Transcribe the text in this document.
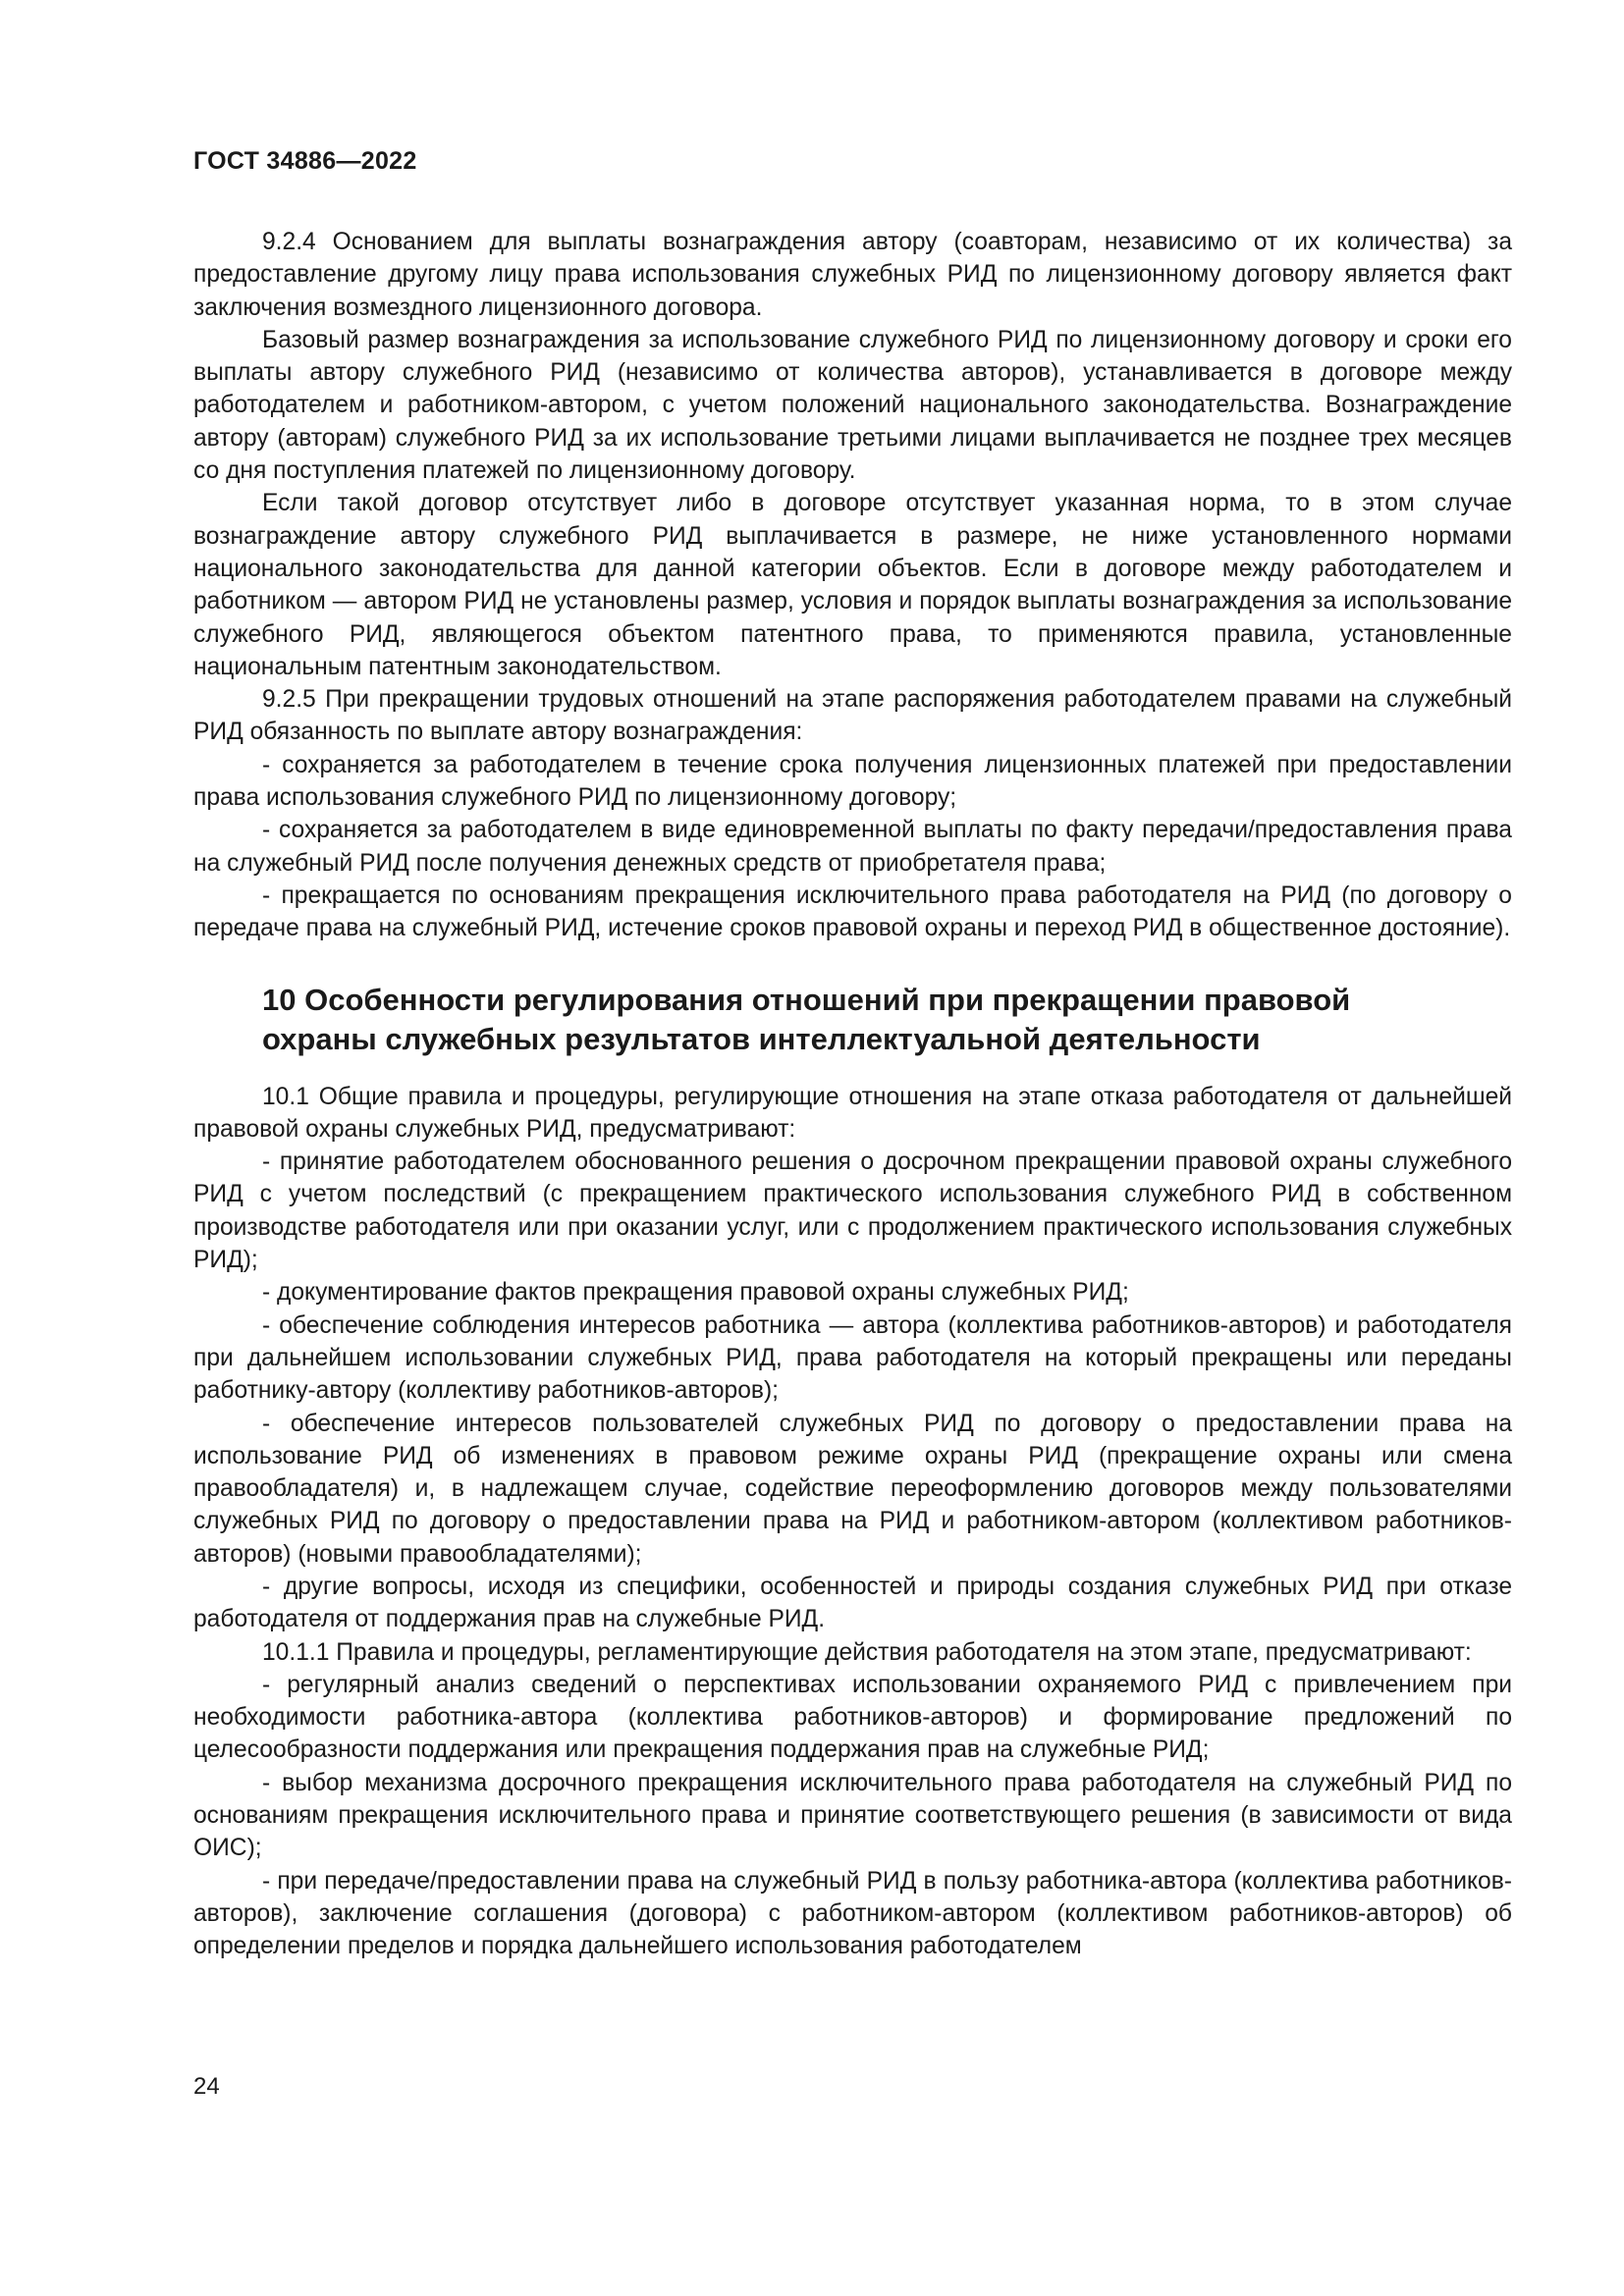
ГОСТ 34886—2022

9.2.4 Основанием для выплаты вознаграждения автору (соавторам, независимо от их количества) за предоставление другому лицу права использования служебных РИД по лицензионному договору является факт заключения возмездного лицензионного договора.

Базовый размер вознаграждения за использование служебного РИД по лицензионному договору и сроки его выплаты автору служебного РИД (независимо от количества авторов), устанавливается в договоре между работодателем и работником-автором, с учетом положений национального законодательства. Вознаграждение автору (авторам) служебного РИД за их использование третьими лицами выплачивается не позднее трех месяцев со дня поступления платежей по лицензионному договору.

Если такой договор отсутствует либо в договоре отсутствует указанная норма, то в этом случае вознаграждение автору служебного РИД выплачивается в размере, не ниже установленного нормами национального законодательства для данной категории объектов. Если в договоре между работодателем и работником — автором РИД не установлены размер, условия и порядок выплаты вознаграждения за использование служебного РИД, являющегося объектом патентного права, то применяются правила, установленные национальным патентным законодательством.

9.2.5 При прекращении трудовых отношений на этапе распоряжения работодателем правами на служебный РИД обязанность по выплате автору вознаграждения:

- сохраняется за работодателем в течение срока получения лицензионных платежей при предоставлении права использования служебного РИД по лицензионному договору;

- сохраняется за работодателем в виде единовременной выплаты по факту передачи/предоставления права на служебный РИД после получения денежных средств от приобретателя права;

- прекращается по основаниям прекращения исключительного права работодателя на РИД (по договору о передаче права на служебный РИД, истечение сроков правовой охраны и переход РИД в общественное достояние).

10 Особенности регулирования отношений при прекращении правовой
охраны служебных результатов интеллектуальной деятельности

10.1 Общие правила и процедуры, регулирующие отношения на этапе отказа работодателя от дальнейшей правовой охраны служебных РИД, предусматривают:

- принятие работодателем обоснованного решения о досрочном прекращении правовой охраны служебного РИД с учетом последствий (с прекращением практического использования служебного РИД в собственном производстве работодателя или при оказании услуг, или с продолжением практического использования служебных РИД);

- документирование фактов прекращения правовой охраны служебных РИД;

- обеспечение соблюдения интересов работника — автора (коллектива работников-авторов) и работодателя при дальнейшем использовании служебных РИД, права работодателя на который прекращены или переданы работнику-автору (коллективу работников-авторов);

- обеспечение интересов пользователей служебных РИД по договору о предоставлении права на использование РИД об изменениях в правовом режиме охраны РИД (прекращение охраны или смена правообладателя) и, в надлежащем случае, содействие переоформлению договоров между пользователями служебных РИД по договору о предоставлении права на РИД и работником-автором (коллективом работников-авторов) (новыми правообладателями);

- другие вопросы, исходя из специфики, особенностей и природы создания служебных РИД при отказе работодателя от поддержания прав на служебные РИД.

10.1.1 Правила и процедуры, регламентирующие действия работодателя на этом этапе, предусматривают:

- регулярный анализ сведений о перспективах использовании охраняемого РИД с привлечением при необходимости работника-автора (коллектива работников-авторов) и формирование предложений по целесообразности поддержания или прекращения поддержания прав на служебные РИД;

- выбор механизма досрочного прекращения исключительного права работодателя на служебный РИД по основаниям прекращения исключительного права и принятие соответствующего решения (в зависимости от вида ОИС);

- при передаче/предоставлении права на служебный РИД в пользу работника-автора (коллектива работников-авторов), заключение соглашения (договора) с работником-автором (коллективом работников-авторов) об определении пределов и порядка дальнейшего использования работодателем

24
